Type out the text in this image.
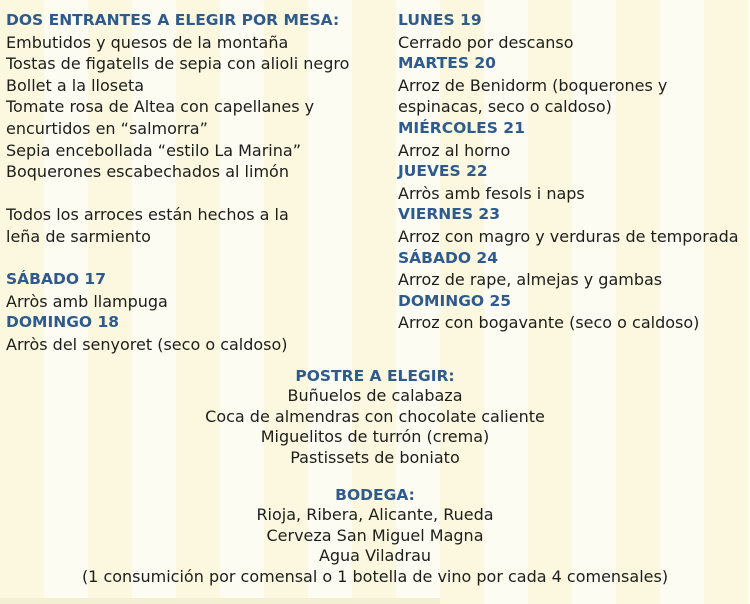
DOS ENTRANTES A ELEGIR POR MESA:
Embutidos y quesos de la montaña
Tostas de figatells de sepia con alioli negro
Bollet a la lloseta
Tomate rosa de Altea con capellanes y
encurtidos en “salmorra”
Sepia encebollada “estilo La Marina”
Boquerones escabechados al limón
Todos los arroces están hechos a la
leña de sarmiento
SÁBADO 17
Arròs amb llampuga
DOMINGO 18
Arròs del senyoret (seco o caldoso)
LUNES 19
Cerrado por descanso
MARTES 20
Arroz de Benidorm (boquerones y
espinacas, seco o caldoso)
MIÉRCOLES 21
Arroz al horno
JUEVES 22
Arròs amb fesols i naps
VIERNES 23
Arroz con magro y verduras de temporada
SÁBADO 24
Arroz de rape, almejas y gambas
DOMINGO 25
Arroz con bogavante (seco o caldoso)
POSTRE A ELEGIR:
Buñuelos de calabaza
Coca de almendras con chocolate caliente
Miguelitos de turrón (crema)
Pastissets de boniato
BODEGA:
Rioja, Ribera, Alicante, Rueda
Cerveza San Miguel Magna
Agua Viladrau
(1 consumición por comensal o 1 botella de vino por cada 4 comensales)
